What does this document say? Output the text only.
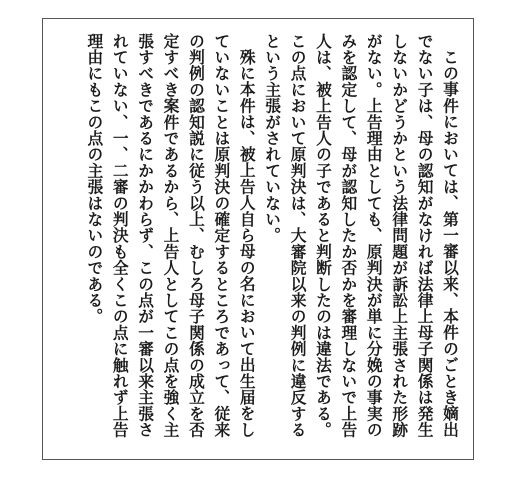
この事件においては、第一審以来、本件のごとき嫡出でない子は、母の認知がなければ法律上母子関係は発生しないかどうかという法律問題が訴訟上主張された形跡がない。上告理由としても、原判決が単に分娩の事実のみを認定して、母が認知したか否かを審理しないで上告人は、被上告人の子であると判断したのは違法である。この点において原判決は、大審院以来の判例に違反するという主張がされていない。

殊に本件は、被上告人自ら母の名において出生届をしていないことは原判決の確定するところであって、従来の判例の認知説に従う以上、むしろ母子関係の成立を否定すべき案件であるから、上告人としてこの点を強く主張すべきであるにかかわらず、この点が一審以来主張されていない、一、二審の判決も全くこの点に触れず上告理由にもこの点の主張はないのである。
